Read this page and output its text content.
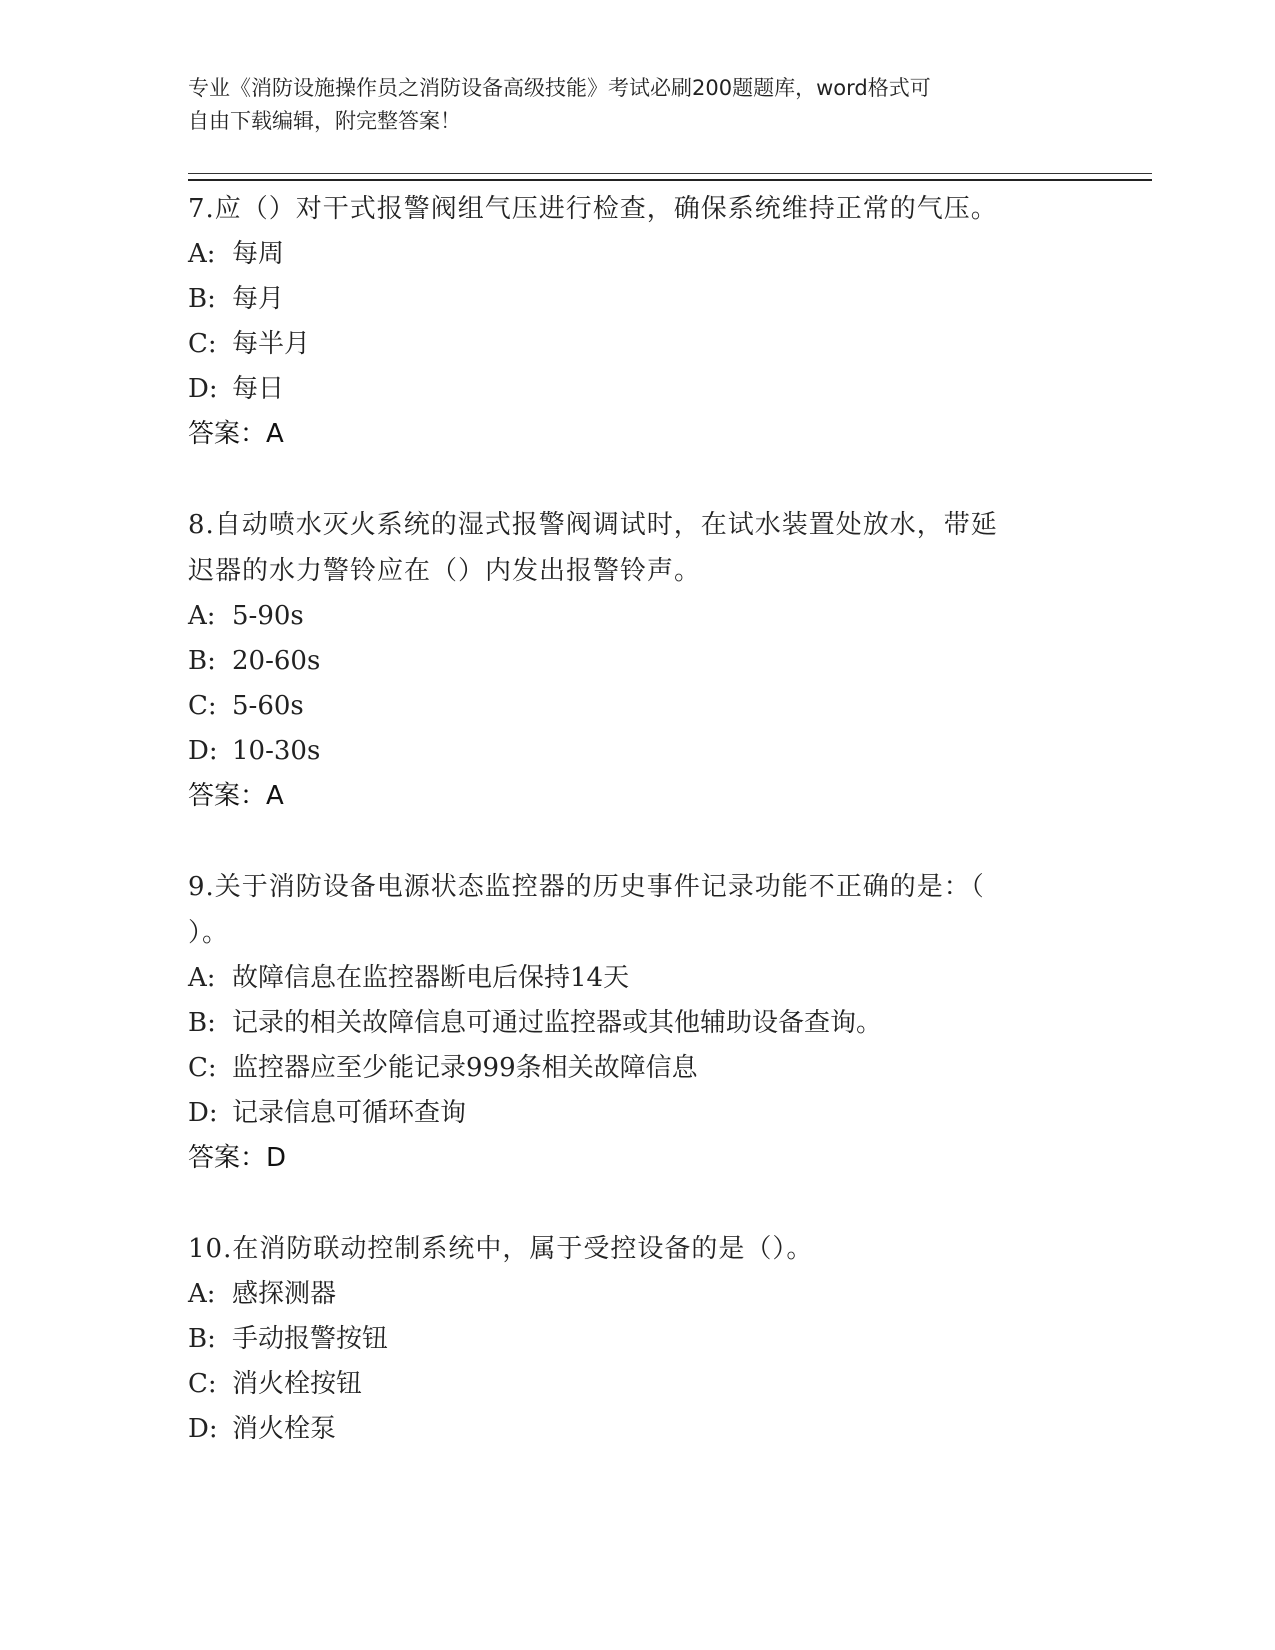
专业《消防设施操作员之消防设备高级技能》考试必刷200题题库，word格式可
自由下载编辑，附完整答案！
7.应（）对干式报警阀组气压进行检查，确保系统维持正常的气压。
A: 每周
B: 每月
C: 每半月
D: 每日
答案：A
8.自动喷水灭火系统的湿式报警阀调试时，在试水装置处放水，带延
迟器的水力警铃应在（）内发出报警铃声。
A: 5-90s
B: 20-60s
C: 5-60s
D: 10-30s
答案：A
9.关于消防设备电源状态监控器的历史事件记录功能不正确的是：（
）。
A: 故障信息在监控器断电后保持14天
B: 记录的相关故障信息可通过监控器或其他辅助设备查询。
C: 监控器应至少能记录999条相关故障信息
D: 记录信息可循环查询
答案：D
10.在消防联动控制系统中，属于受控设备的是（）。
A: 感探测器
B: 手动报警按钮
C: 消火栓按钮
D: 消火栓泵
